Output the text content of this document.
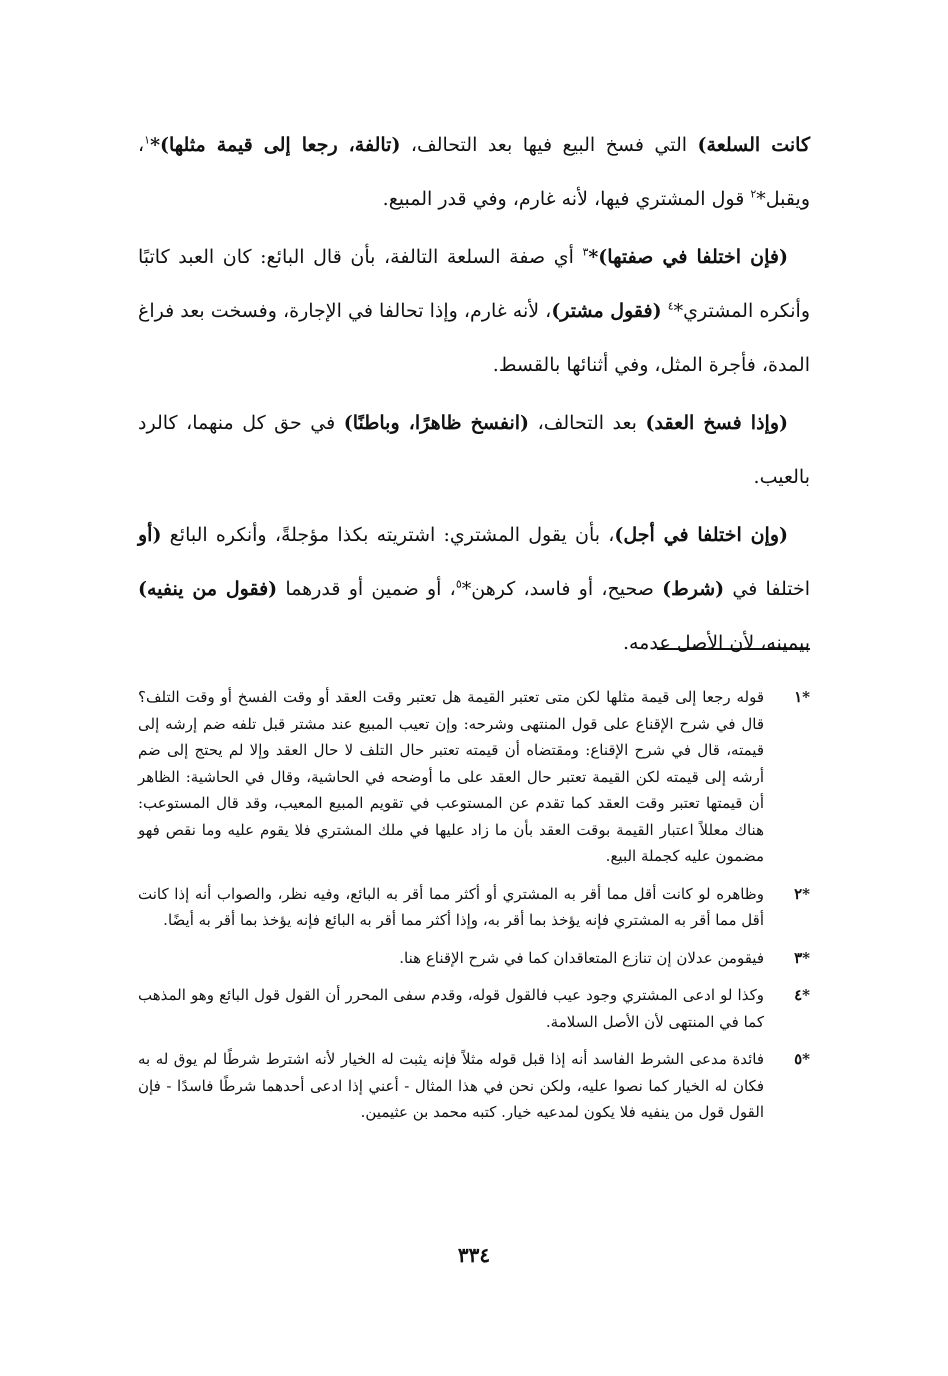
كانت السلعة) التي فسخ البيع فيها بعد التحالف، (تالفة، رجعا إلى قيمة مثلها)*$^١$، ويقبل*$^٢$ قول المشتري فيها، لأنه غارم، وفي قدر المبيع.

(فإن اختلفا في صفتها)*$^٣$ أي صفة السلعة التالفة، بأن قال البائع: كان العبد كاتبًا وأنكره المشتري*$^٤$ (فقول مشتر)، لأنه غارم، وإذا تحالفا في الإجارة، وفسخت بعد فراغ المدة، فأجرة المثل، وفي أثنائها بالقسط.

(وإذا فسخ العقد) بعد التحالف، (انفسخ ظاهرًا، وباطنًا) في حق كل منهما، كالرد بالعيب.

(وإن اختلفا في أجل)، بأن يقول المشتري: اشتريته بكذا مؤجلةً، وأنكره البائع (أو اختلفا في (شرط) صحيح، أو فاسد، كرهن*$^٥$، أو ضمين أو قدرهما (فقول من ينفيه) بيمينه، لأن الأصل عدمه.

*١
قوله رجعا إلى قيمة مثلها لكن متى تعتبر القيمة هل تعتبر وقت العقد أو وقت الفسخ أو وقت التلف؟ قال في شرح الإقناع على قول المنتهى وشرحه: وإن تعيب المبيع عند مشتر قبل تلفه ضم إرشه إلى قيمته، قال في شرح الإقناع: ومقتضاه أن قيمته تعتبر حال التلف لا حال العقد وإلا لم يحتج إلى ضم أرشه إلى قيمته لكن القيمة تعتبر حال العقد على ما أوضحه في الحاشية، وقال في الحاشية: الظاهر أن قيمتها تعتبر وقت العقد كما تقدم عن المستوعب في تقويم المبيع المعيب، وقد قال المستوعب: هناك معللاً اعتبار القيمة بوقت العقد بأن ما زاد عليها في ملك المشتري فلا يقوم عليه وما نقص فهو مضمون عليه كجملة البيع.
*٢
وظاهره لو كانت أقل مما أقر به المشتري أو أكثر مما أقر به البائع، وفيه نظر، والصواب أنه إذا كانت أقل مما أقر به المشتري فإنه يؤخذ بما أقر به، وإذا أكثر مما أقر به البائع فإنه يؤخذ بما أقر به أيضًا.
*٣
فيقومن عدلان إن تنازع المتعاقدان كما في شرح الإقناع هنا.
*٤
وكذا لو ادعى المشتري وجود عيب فالقول قوله، وقدم سفى المحرر أن القول قول البائع وهو المذهب كما في المنتهى لأن الأصل السلامة.
*٥
فائدة مدعى الشرط الفاسد أنه إذا قبل قوله مثلاً فإنه يثبت له الخيار لأنه اشترط شرطًا لم يوق له به فكان له الخيار كما نصوا عليه، ولكن نحن في هذا المثال - أعني إذا ادعى أحدهما شرطًا فاسدًا - فإن القول قول من ينفيه فلا يكون لمدعيه خيار. كتبه محمد بن عثيمين.
٣٣٤
